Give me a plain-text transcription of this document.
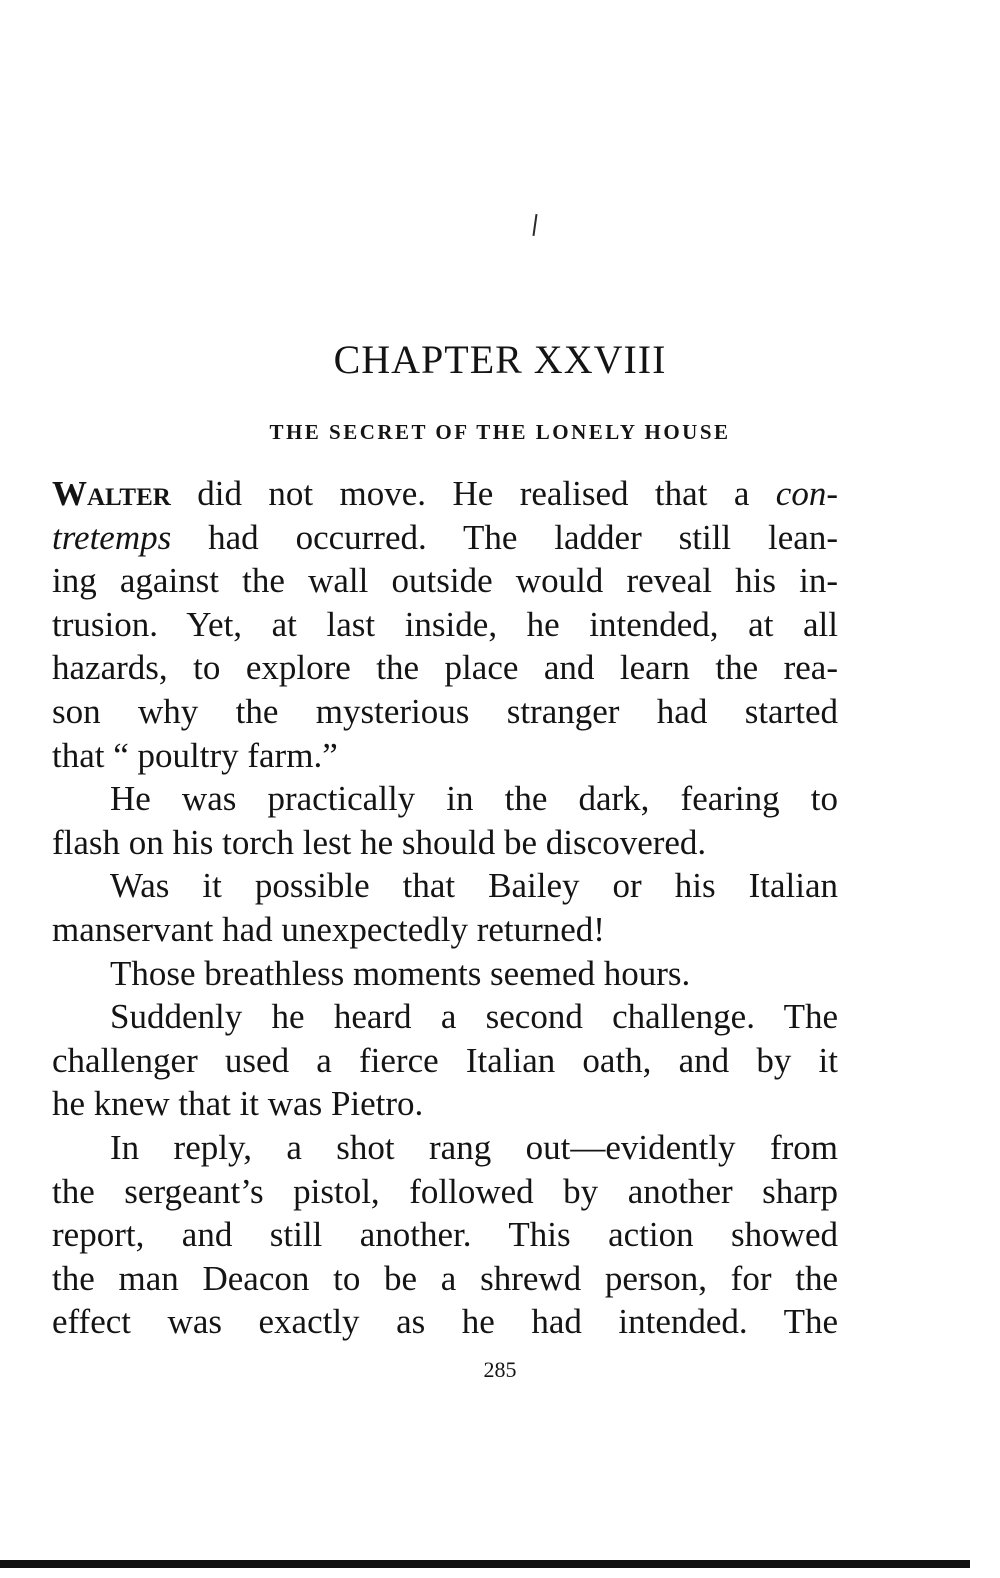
CHAPTER XXVIII
THE SECRET OF THE LONELY HOUSE
Walter did not move. He realised that a con-
tretemps had occurred. The ladder still lean-
ing against the wall outside would reveal his in-
trusion. Yet, at last inside, he intended, at all
hazards, to explore the place and learn the rea-
son why the mysterious stranger had started
that “ poultry farm.”
He was practically in the dark, fearing to
flash on his torch lest he should be discovered.
Was it possible that Bailey or his Italian
manservant had unexpectedly returned!
Those breathless moments seemed hours.
Suddenly he heard a second challenge. The
challenger used a fierce Italian oath, and by it
he knew that it was Pietro.
In reply, a shot rang out—evidently from
the sergeant’s pistol, followed by another sharp
report, and still another. This action showed
the man Deacon to be a shrewd person, for the
effect was exactly as he had intended. The
285
